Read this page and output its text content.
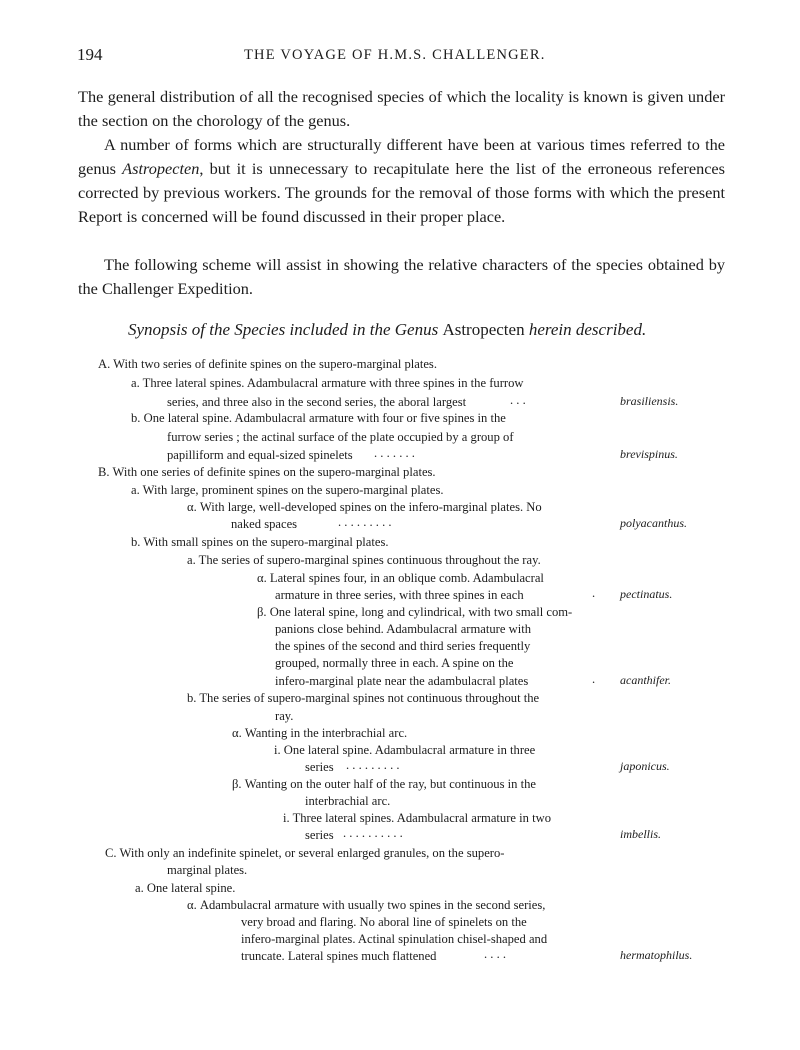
194	THE VOYAGE OF H.M.S. CHALLENGER.
The general distribution of all the recognised species of which the locality is known is given under the section on the chorology of the genus.
A number of forms which are structurally different have been at various times referred to the genus Astropecten, but it is unnecessary to recapitulate here the list of the erroneous references corrected by previous workers. The grounds for the removal of those forms with which the present Report is concerned will be found discussed in their proper place.
The following scheme will assist in showing the relative characters of the species obtained by the Challenger Expedition.
Synopsis of the Species included in the Genus Astropecten herein described.
A. With two series of definite spines on the supero-marginal plates.
a. Three lateral spines. Adambulacral armature with three spines in the furrow
series, and three also in the second series, the aboral largest
b. One lateral spine. Adambulacral armature with four or five spines in the
furrow series ; the actinal surface of the plate occupied by a group of
papilliform and equal-sized spinelets
B. With one series of definite spines on the supero-marginal plates.
a. With large, prominent spines on the supero-marginal plates.
α. With large, well-developed spines on the infero-marginal plates. No
naked spaces
b. With small spines on the supero-marginal plates.
a. The series of supero-marginal spines continuous throughout the ray.
α. Lateral spines four, in an oblique comb. Adambulacral
armature in three series, with three spines in each
β. One lateral spine, long and cylindrical, with two small com-
panions close behind. Adambulacral armature with
the spines of the second and third series frequently
grouped, normally three in each. A spine on the
infero-marginal plate near the adambulacral plates
b. The series of supero-marginal spines not continuous throughout the
ray.
α. Wanting in the interbrachial arc.
i. One lateral spine. Adambulacral armature in three
series
β. Wanting on the outer half of the ray, but continuous in the
interbrachial arc.
i. Three lateral spines. Adambulacral armature in two
series
C. With only an indefinite spinelet, or several enlarged granules, on the supero-
marginal plates.
a. One lateral spine.
α. Adambulacral armature with usually two spines in the second series,
very broad and flaring. No aboral line of spinelets on the
infero-marginal plates. Actinal spinulation chisel-shaped and
truncate. Lateral spines much flattened
. . .
. . . . . . .
. . . . . . . . .
.
.
. . . . . . . . .
. . . . . . . . . .
. . . .
brasiliensis.
brevispinus.
polyacanthus.
pectinatus.
acanthifer.
japonicus.
imbellis.
hermatophilus.
